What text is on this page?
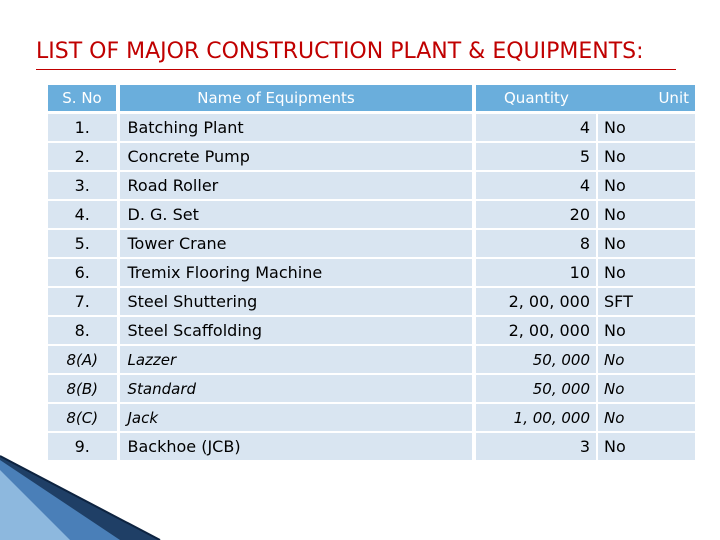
LIST OF MAJOR CONSTRUCTION PLANT & EQUIPMENTS:
S. No	Name of Equipments	Quantity	Unit
1.	Batching Plant	4	No
2.	Concrete Pump	5	No
3.	Road Roller	4	No
4.	D. G. Set	20	No
5.	Tower Crane	8	No
6.	Tremix Flooring Machine	10	No
7.	Steel Shuttering	2, 00, 000	SFT
8.	Steel Scaffolding	2, 00, 000	No
8(A)	Lazzer	50, 000	No
8(B)	Standard	50, 000	No
8(C)	Jack	1, 00, 000	No
9.	Backhoe (JCB)	3	No
